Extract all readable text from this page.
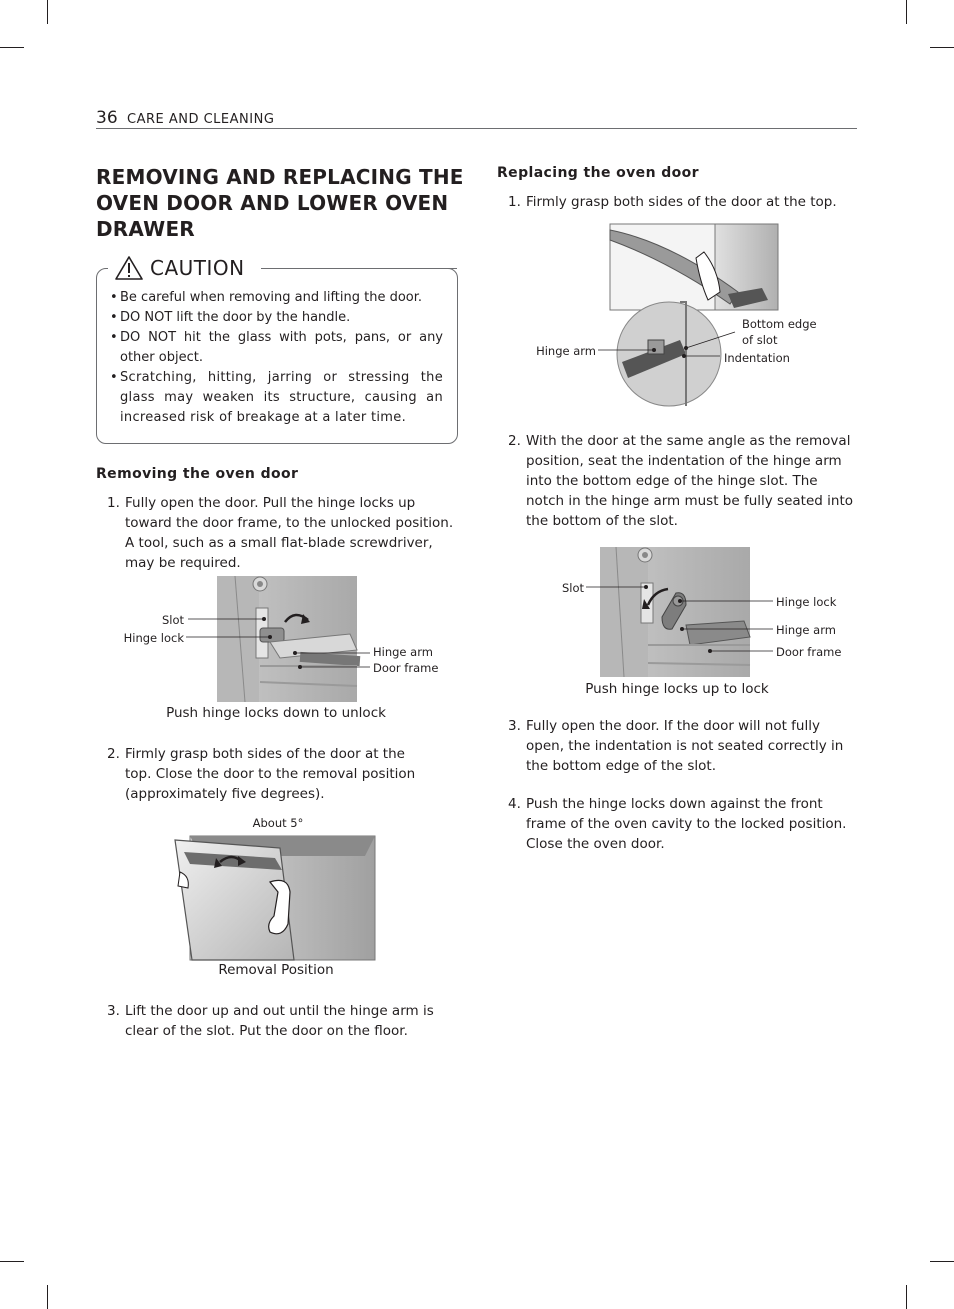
36 CARE AND CLEANING
REMOVING AND REPLACING THE OVEN DOOR AND LOWER OVEN DRAWER
CAUTION
• Be careful when removing and lifting the door.
• DO NOT lift the door by the handle.
• DO NOT hit the glass with pots, pans, or any other object.
• Scratching, hitting, jarring or stressing the glass may weaken its structure, causing an increased risk of breakage at a later time.
Removing the oven door
1. Fully open the door. Pull the hinge locks up toward the door frame, to the unlocked position. A tool, such as a small flat-blade screwdriver, may be required.
Slot
Hinge lock
Hinge arm
Door frame
Push hinge locks down to unlock
2. Firmly grasp both sides of the door at the top. Close the door to the removal position (approximately five degrees).
About 5°
Removal Position
3. Lift the door up and out until the hinge arm is clear of the slot. Put the door on the floor.
Replacing the oven door
1. Firmly grasp both sides of the door at the top.
Hinge arm
Bottom edge
of slot
Indentation
2. With the door at the same angle as the removal position, seat the indentation of the hinge arm into the bottom edge of the hinge slot. The notch in the hinge arm must be fully seated into the bottom of the slot.
Slot
Hinge lock
Hinge arm
Door frame
Push hinge locks up to lock
3. Fully open the door. If the door will not fully open, the indentation is not seated correctly in the bottom edge of the slot.
4. Push the hinge locks down against the front frame of the oven cavity to the locked position. Close the oven door.
